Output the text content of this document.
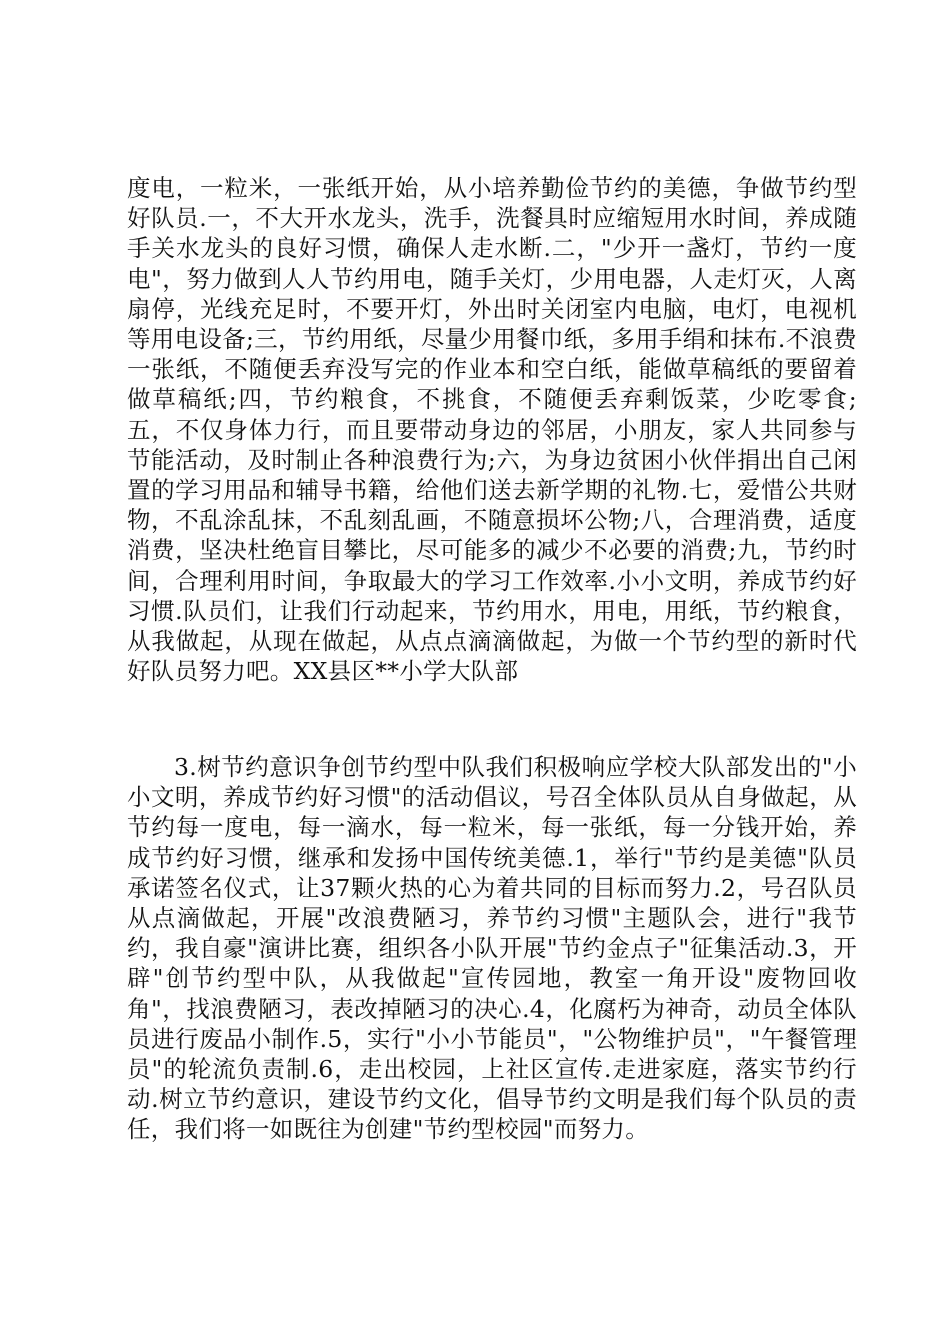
度电，一粒米，一张纸开始，从小培养勤俭节约的美德，争做节约型好队员.一，不大开水龙头，洗手，洗餐具时应缩短用水时间，养成随手关水龙头的良好习惯，确保人走水断.二，"少开一盏灯，节约一度电"，努力做到人人节约用电，随手关灯，少用电器，人走灯灭，人离扇停，光线充足时，不要开灯，外出时关闭室内电脑，电灯，电视机等用电设备;三，节约用纸，尽量少用餐巾纸，多用手绢和抹布.不浪费一张纸，不随便丢弃没写完的作业本和空白纸，能做草稿纸的要留着做草稿纸;四，节约粮食，不挑食，不随便丢弃剩饭菜，少吃零食;五，不仅身体力行，而且要带动身边的邻居，小朋友，家人共同参与节能活动，及时制止各种浪费行为;六，为身边贫困小伙伴捐出自己闲置的学习用品和辅导书籍，给他们送去新学期的礼物.七，爱惜公共财物，不乱涂乱抹，不乱刻乱画，不随意损坏公物;八，合理消费，适度消费，坚决杜绝盲目攀比，尽可能多的减少不必要的消费;九，节约时间，合理利用时间，争取最大的学习工作效率.小小文明，养成节约好习惯.队员们，让我们行动起来，节约用水，用电，用纸，节约粮食，从我做起，从现在做起，从点点滴滴做起，为做一个节约型的新时代好队员努力吧。XX县区**小学大队部
3.树节约意识争创节约型中队我们积极响应学校大队部发出的"小小文明，养成节约好习惯"的活动倡议，号召全体队员从自身做起，从节约每一度电，每一滴水，每一粒米，每一张纸，每一分钱开始，养成节约好习惯，继承和发扬中国传统美德.1，举行"节约是美德"队员承诺签名仪式，让37颗火热的心为着共同的目标而努力.2，号召队员从点滴做起，开展"改浪费陋习，养节约习惯"主题队会，进行"我节约，我自豪"演讲比赛，组织各小队开展"节约金点子"征集活动.3，开辟"创节约型中队，从我做起"宣传园地，教室一角开设"废物回收角"，找浪费陋习，表改掉陋习的决心.4，化腐朽为神奇，动员全体队员进行废品小制作.5，实行"小小节能员"，"公物维护员"，"午餐管理员"的轮流负责制.6，走出校园，上社区宣传.走进家庭，落实节约行动.树立节约意识，建设节约文化，倡导节约文明是我们每个队员的责任，我们将一如既往为创建"节约型校园"而努力。
